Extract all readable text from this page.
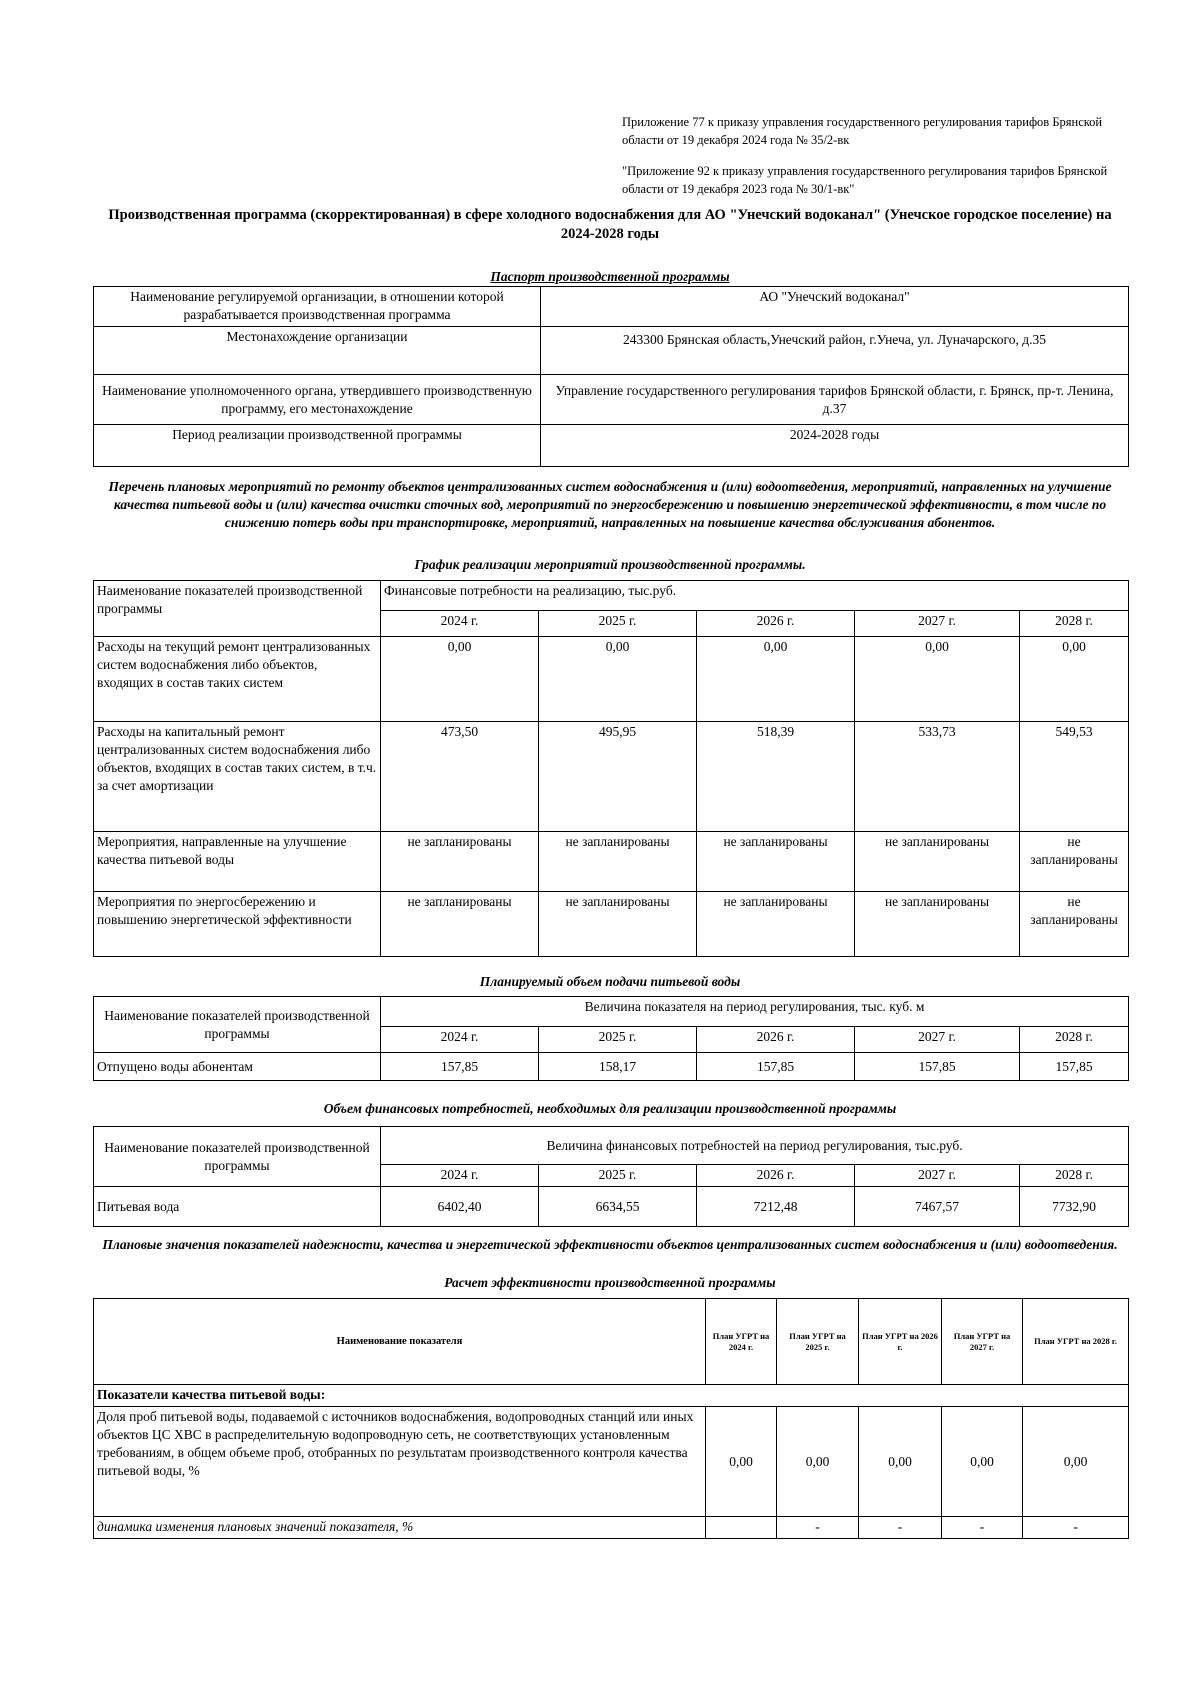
Приложение 77 к приказу управления государственного регулирования тарифов Брянской области от 19 декабря 2024 года № 35/2-вк
"Приложение 92 к приказу управления государственного регулирования тарифов Брянской области от 19 декабря 2023 года № 30/1-вк"
Производственная программа (скорректированная) в сфере холодного водоснабжения для АО "Унечский водоканал" (Унечское городское поселение) на 2024-2028 годы
Паспорт производственной программы
Наименование регулируемой организации, в отношении которой разрабатывается производственная программа	АО "Унечский водоканал"
Местонахождение организации	243300 Брянская область,Унечский район, г.Унеча, ул. Луначарского, д.35
Наименование уполномоченного органа, утвердившего производственную программу, его местонахождение	Управление государственного регулирования тарифов Брянской области, г. Брянск, пр-т. Ленина, д.37
Период реализации производственной программы	2024-2028 годы
Перечень плановых мероприятий по ремонту объектов централизованных систем водоснабжения и (или) водоотведения, мероприятий, направленных на улучшение качества питьевой воды и (или) качества очистки сточных вод, мероприятий по энергосбережению и повышению энергетической эффективности, в том числе по снижению потерь воды при транспортировке, мероприятий, направленных на повышение качества обслуживания абонентов.
График реализации мероприятий производственной программы.
Наименование показателей производственной программы	Финансовые потребности на реализацию, тыс.руб.				
	2024 г.	2025 г.	2026 г.	2027 г.	2028 г.
Расходы на текущий ремонт централизованных систем водоснабжения либо объектов, входящих в состав таких систем	0,00	0,00	0,00	0,00	0,00
Расходы на капитальный ремонт централизованных систем водоснабжения либо объектов, входящих в состав таких систем, в т.ч. за счет амортизации	473,50	495,95	518,39	533,73	549,53
Мероприятия, направленные на улучшение качества питьевой воды	не запланированы	не запланированы	не запланированы	не запланированы	не запланированы
Мероприятия по энергосбережению и повышению энергетической эффективности	не запланированы	не запланированы	не запланированы	не запланированы	не запланированы
Планируемый объем подачи питьевой воды
Наименование показателей производственной программы	Величина показателя на период регулирования, тыс. куб. м				
	2024 г.	2025 г.	2026 г.	2027 г.	2028 г.
Отпущено воды абонентам	157,85	158,17	157,85	157,85	157,85
Объем финансовых потребностей, необходимых для реализации производственной программы
Наименование показателей производственной программы	Величина финансовых потребностей на период регулирования, тыс.руб.				
	2024 г.	2025 г.	2026 г.	2027 г.	2028 г.
Питьевая вода	6402,40	6634,55	7212,48	7467,57	7732,90
Плановые значения показателей надежности, качества и энергетической эффективности объектов централизованных систем водоснабжения и (или) водоотведения.
Расчет эффективности производственной программы
Наименование показателя	План УГРТ на 2024 г.	План УГРТ на 2025 г.	План УГРТ на 2026 г.	План УГРТ на 2027 г.	План УГРТ на 2028 г.
Показатели качества питьевой воды:					
Доля проб питьевой воды, подаваемой с источников водоснабжения, водопроводных станций или иных объектов ЦС ХВС в распределительную водопроводную сеть, не соответствующих установленным требованиям, в общем объеме проб, отобранных по результатам производственного контроля качества питьевой воды, %	0,00	0,00	0,00	0,00	0,00
динамика изменения плановых значений показателя, %		-	-	-	-
